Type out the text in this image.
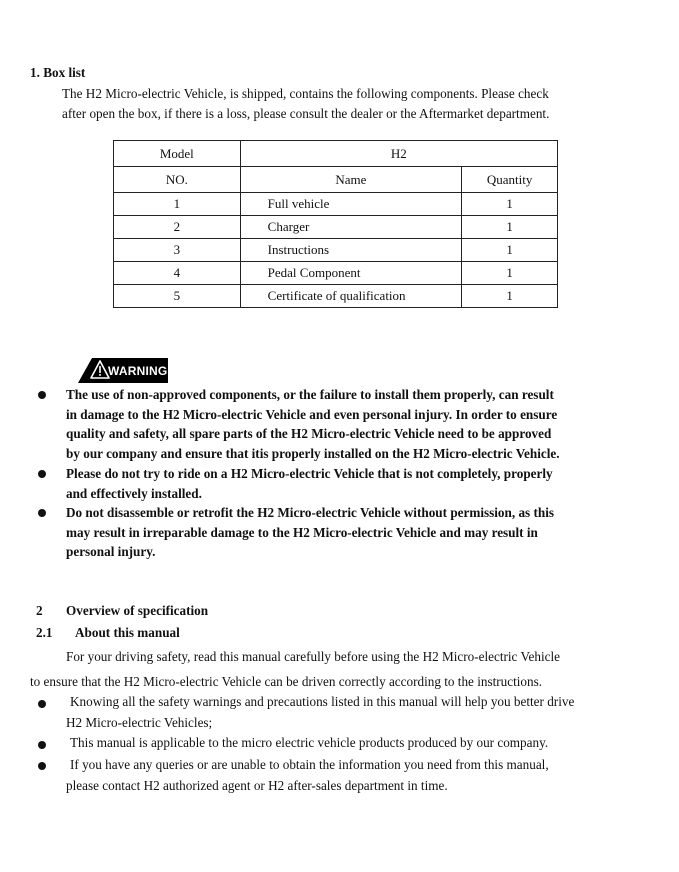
1. Box list
The H2 Micro-electric Vehicle, is shipped, contains the following components. Please check
after open the box, if there is a loss, please consult the dealer or the Aftermarket department.
Model	H2	
NO.	Name	Quantity
1	Full vehicle	1
2	Charger	1
3	Instructions	1
4	Pedal Component	1
5	Certificate of qualification	1
WARNING
The use of non-approved components, or the failure to install them properly, can result
in damage to the H2 Micro-electric Vehicle and even personal injury. In order to ensure
quality and safety, all spare parts of the H2 Micro-electric Vehicle need to be approved
by our company and ensure that itis properly installed on the H2 Micro-electric Vehicle.
Please do not try to ride on a H2 Micro-electric Vehicle that is not completely, properly
and effectively installed.
Do not disassemble or retrofit the H2 Micro-electric Vehicle without permission, as this
may result in irreparable damage to the H2 Micro-electric Vehicle and may result in
personal injury.
2 Overview of specification
2.1 About this manual
For your driving safety, read this manual carefully before using the H2 Micro-electric Vehicle
to ensure that the H2 Micro-electric Vehicle can be driven correctly according to the instructions.
Knowing all the safety warnings and precautions listed in this manual will help you better drive
H2 Micro-electric Vehicles;
This manual is applicable to the micro electric vehicle products produced by our company.
If you have any queries or are unable to obtain the information you need from this manual,
please contact H2 authorized agent or H2 after-sales department in time.
